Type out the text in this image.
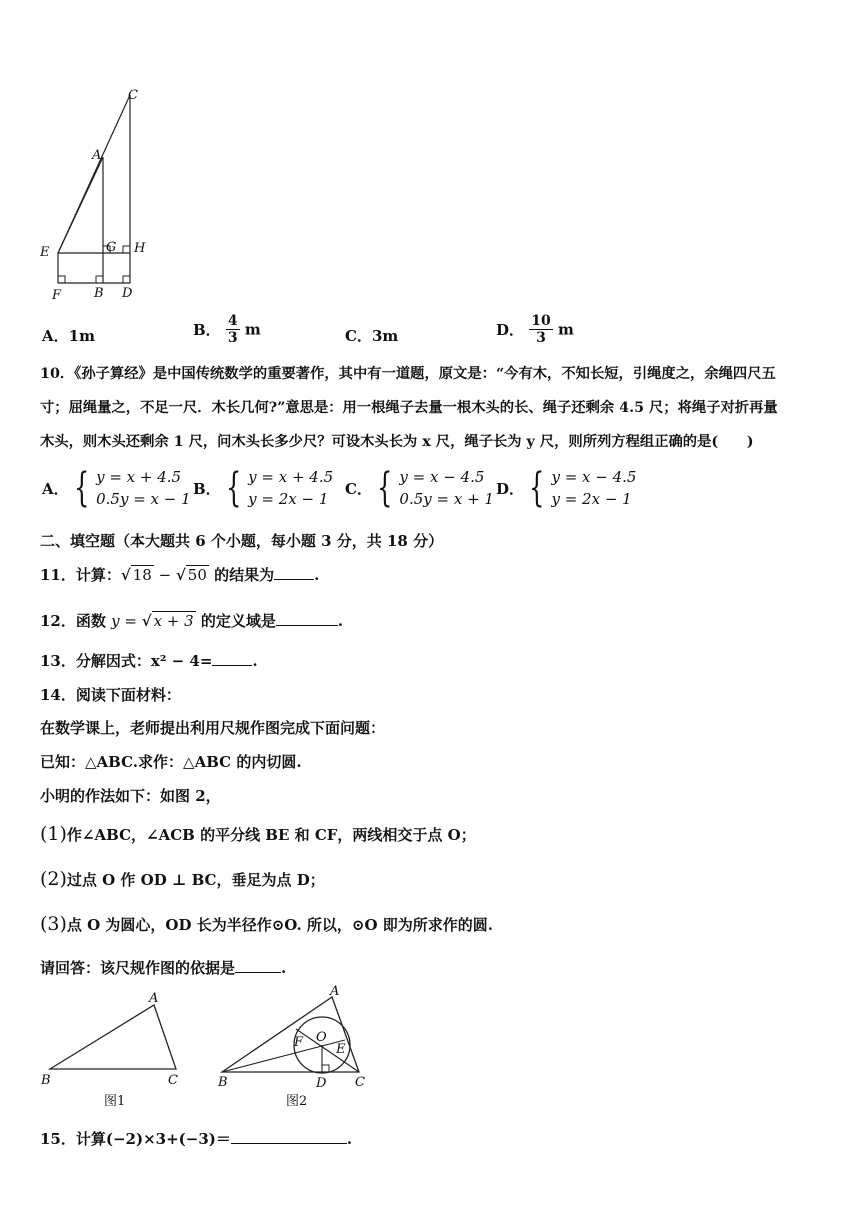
C
A
E	G H
F	B D
A．1m	B． $\frac{4}{3}$ m	C．3m	D． $\frac{10}{3}$ m
10．《孙子算经》是中国传统数学的重要著作，其中有一道题，原文是：“今有木，不知长短，引绳度之，余绳四尺五
寸；屈绳量之，不足一尺．木长几何?”意思是：用一根绳子去量一根木头的长、绳子还剩余 4.5 尺；将绳子对折再量
木头，则木头还剩余 1 尺，问木头长多少尺？可设木头长为 x 尺，绳子长为 y 尺，则所列方程组正确的是(　　)
A． { y = x + 4.5
0.5y = x − 1
B． { y = x + 4.5
y = 2x − 1
C． { y = x − 4.5
0.5y = x + 1
D． { y = x − 4.5
y = 2x − 1
二、填空题（本大题共 6 个小题，每小题 3 分，共 18 分）
11．计算：√ 18 − √ 50 的结果为	.
12．函数 y = √ x + 3 的定义域是	.
13．分解因式：x² − 4=	.
14．阅读下面材料：
在数学课上，老师提出利用尺规作图完成下面问题：
已知：△ABC.求作：△ABC 的内切圆.
小明的作法如下：如图 2，
(1)作∠ABC，∠ACB 的平分线 BE 和 CF，两线相交于点 O；
(2)过点 O 作 OD ⊥ BC，垂足为点 D；
(3)点 O 为圆心，OD 长为半径作⊙O. 所以，⊙O 即为所求作的圆.
请回答：该尺规作图的依据是	.
A
B	C
图1
A
O
F	E
B	D C
图2
15．计算(−2)×3+(−3)＝	.
